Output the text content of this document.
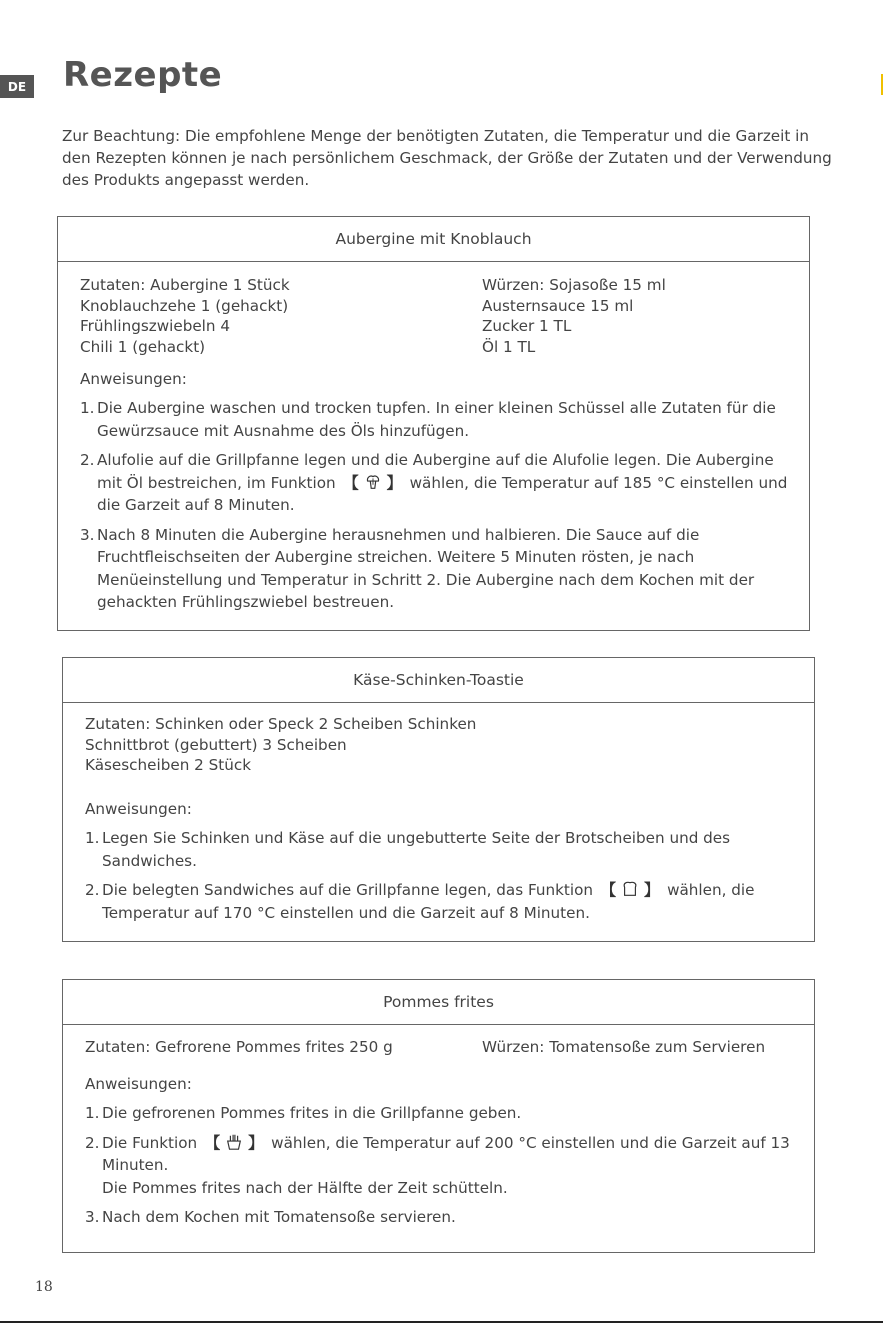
DE Rezepte

Zur Beachtung: Die empfohlene Menge der benötigten Zutaten, die Temperatur und die Garzeit in den Rezepten können je nach persönlichem Geschmack, der Größe der Zutaten und der Verwendung des Produkts angepasst werden.

Aubergine mit Knoblauch
Zutaten: Aubergine 1 Stück
Knoblauchzehe 1 (gehackt)
Frühlingszwiebeln 4
Chili 1 (gehackt)
Würzen: Sojasoße 15 ml
Austernsauce 15 ml
Zucker 1 TL
Öl 1 TL
Anweisungen:
1. Die Aubergine waschen und trocken tupfen. In einer kleinen Schüssel alle Zutaten für die Gewürzsauce mit Ausnahme des Öls hinzufügen.
2. Alufolie auf die Grillpfanne legen und die Aubergine auf die Alufolie legen. Die Aubergine mit Öl bestreichen, im Funktion 【 】 wählen, die Temperatur auf 185 °C einstellen und die Garzeit auf 8 Minuten.
3. Nach 8 Minuten die Aubergine herausnehmen und halbieren. Die Sauce auf die Fruchtfleischseiten der Aubergine streichen. Weitere 5 Minuten rösten, je nach Menüeinstellung und Temperatur in Schritt 2. Die Aubergine nach dem Kochen mit der gehackten Frühlingszwiebel bestreuen.
Käse-Schinken-Toastie
Zutaten: Schinken oder Speck 2 Scheiben Schinken
Schnittbrot (gebuttert) 3 Scheiben
Käsescheiben 2 Stück
Anweisungen:
1. Legen Sie Schinken und Käse auf die ungebutterte Seite der Brotscheiben und des Sandwiches.
2. Die belegten Sandwiches auf die Grillpfanne legen, das Funktion 【 】 wählen, die Temperatur auf 170 °C einstellen und die Garzeit auf 8 Minuten.
Pommes frites
Zutaten: Gefrorene Pommes frites 250 g	Würzen: Tomatensoße zum Servieren
Anweisungen:
1. Die gefrorenen Pommes frites in die Grillpfanne geben.
2. Die Funktion 【 】 wählen, die Temperatur auf 200 °C einstellen und die Garzeit auf 13 Minuten.
Die Pommes frites nach der Hälfte der Zeit schütteln.
3. Nach dem Kochen mit Tomatensoße servieren.
18
